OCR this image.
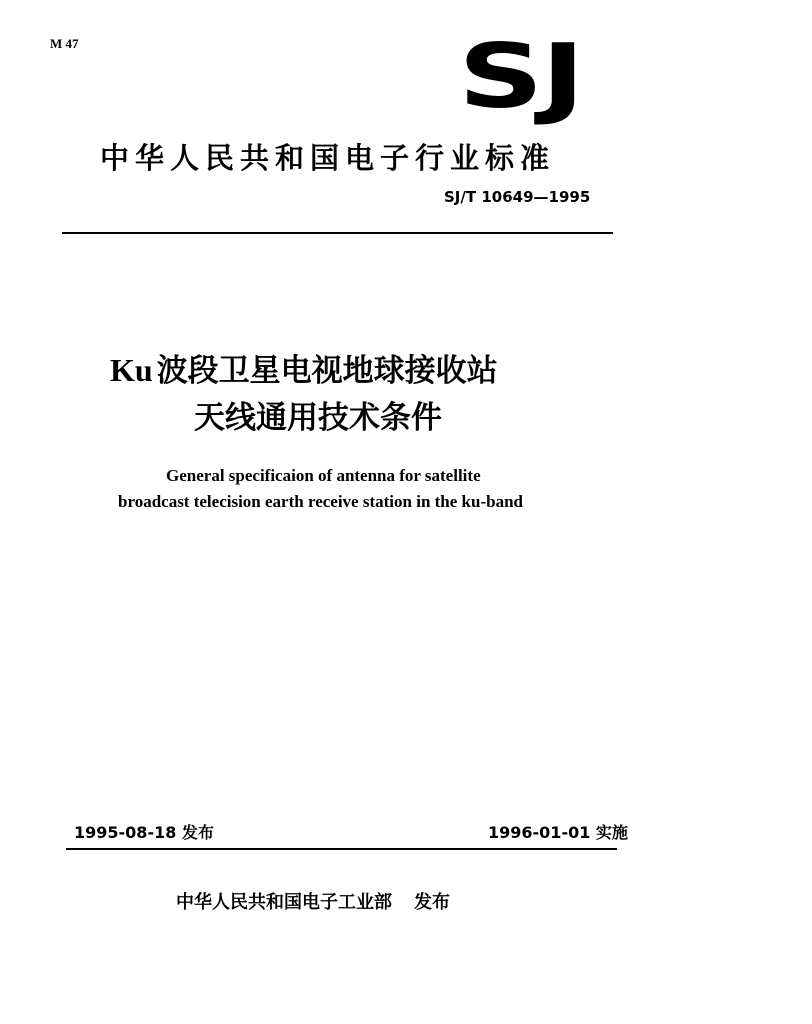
M 47	SJ
中华人民共和国电子行业标准
SJ/T 10649—1995
Ku 波段卫星电视地球接收站
天线通用技术条件
General specificaion of antenna for satellite
broadcast telecision earth receive station in the ku-band
1995-08-18 发布	1996-01-01 实施
中华人民共和国电子工业部 发布
